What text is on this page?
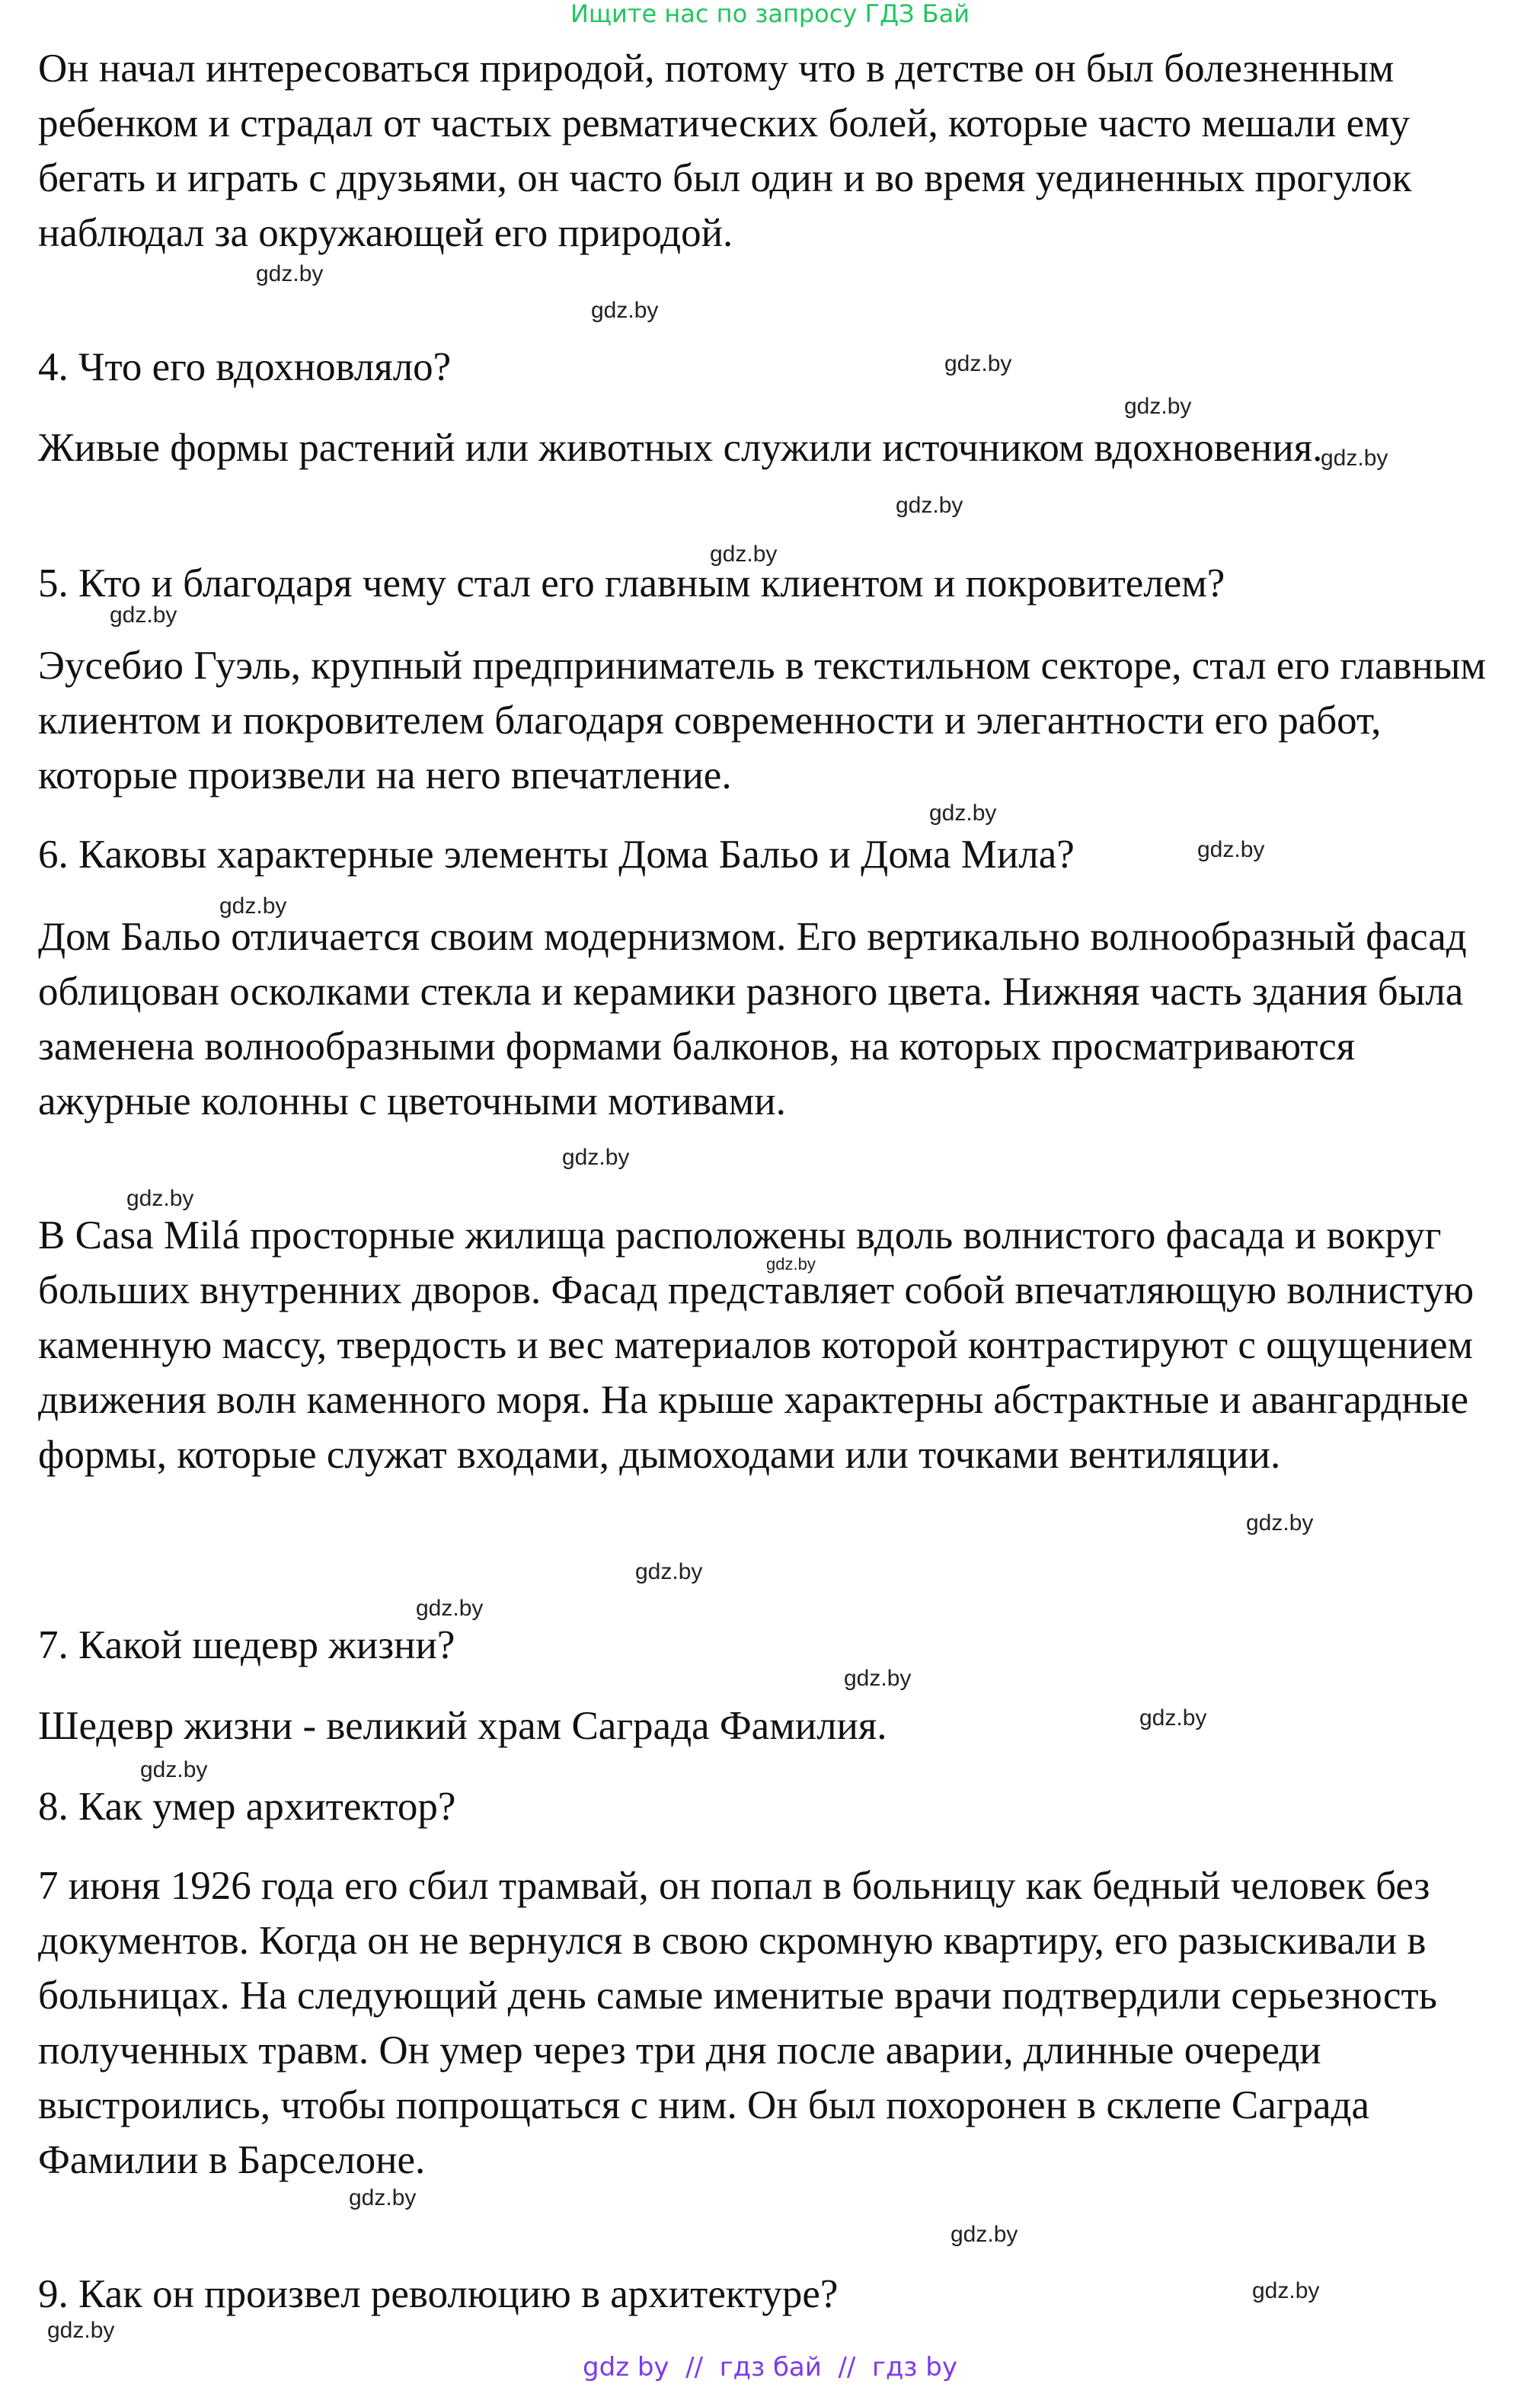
Ищите нас по запросу ГДЗ Бай

Он начал интересоваться природой, потому что в детстве он был болезненным ребенком и страдал от частых ревматических болей, которые часто мешали ему бегать и играть с друзьями, он часто был один и во время уединенных прогулок наблюдал за окружающей его природой.

4. Что его вдохновляло?

Живые формы растений или животных служили источником вдохновения.

5. Кто и благодаря чему стал его главным клиентом и покровителем?

Эусебио Гуэль, крупный предприниматель в текстильном секторе, стал его главным клиентом и покровителем благодаря современности и элегантности его работ, которые произвели на него впечатление.

6. Каковы характерные элементы Дома Бальо и Дома Мила?

Дом Бальо отличается своим модернизмом. Его вертикально волнообразный фасад облицован осколками стекла и керамики разного цвета. Нижняя часть здания была заменена волнообразными формами балконов, на которых просматриваются ажурные колонны с цветочными мотивами.

В Casa Milá просторные жилища расположены вдоль волнистого фасада и вокруг больших внутренних дворов. Фасад представляет собой впечатляющую волнистую каменную массу, твердость и вес материалов которой контрастируют с ощущением движения волн каменного моря. На крыше характерны абстрактные и авангардные формы, которые служат входами, дымоходами или точками вентиляции.

7. Какой шедевр жизни?

Шедевр жизни - великий храм Саграда Фамилия.

8. Как умер архитектор?

7 июня 1926 года его сбил трамвай, он попал в больницу как бедный человек без документов. Когда он не вернулся в свою скромную квартиру, его разыскивали в больницах. На следующий день самые именитые врачи подтвердили серьезность полученных травм. Он умер через три дня после аварии, длинные очереди выстроились, чтобы попрощаться с ним. Он был похоронен в склепе Саграда Фамилии в Барселоне.

9. Как он произвел революцию в архитектуре?

gdz.by
gdz.by
gdz.by
gdz.by
gdz.by
gdz.by
gdz.by
gdz.by
gdz.by
gdz.by
gdz.by
gdz.by
gdz.by
gdz.by
gdz.by
gdz.by
gdz.by
gdz.by
gdz.by
gdz.by
gdz.by
gdz.by
gdz.by
gdz.by
gdz by  //  гдз бай  //  гдз by
